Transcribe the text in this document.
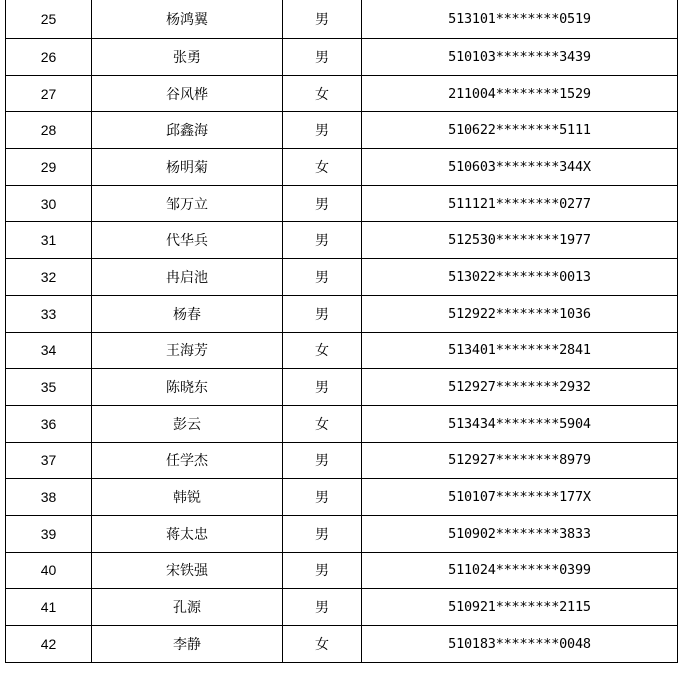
25	杨鸿翼	男	513101********0519
26	张勇	男	510103********3439
27	谷风桦	女	211004********1529
28	邱鑫海	男	510622********5111
29	杨明菊	女	510603********344X
30	邹万立	男	511121********0277
31	代华兵	男	512530********1977
32	冉启池	男	513022********0013
33	杨春	男	512922********1036
34	王海芳	女	513401********2841
35	陈晓东	男	512927********2932
36	彭云	女	513434********5904
37	任学杰	男	512927********8979
38	韩锐	男	510107********177X
39	蒋太忠	男	510902********3833
40	宋铁强	男	511024********0399
41	孔源	男	510921********2115
42	李静	女	510183********0048
